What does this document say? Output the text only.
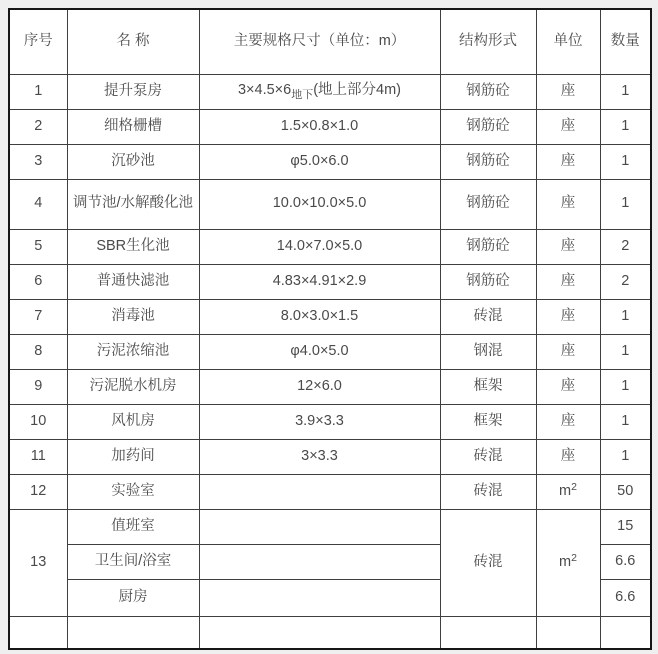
序号	名 称	主要规格尺寸（单位：m）	结构形式	单位	数量
1	提升泵房	$3\times 4.5\times 6_{地下}$(地上部分4m)	钢筋砼	座	1
2	细格栅槽	1.5×0.8×1.0	钢筋砼	座	1
3	沉砂池	φ5.0×6.0	钢筋砼	座	1
4	调节池/水解酸化池	10.0×10.0×5.0	钢筋砼	座	1
5	SBR生化池	14.0×7.0×5.0	钢筋砼	座	2
6	普通快滤池	4.83×4.91×2.9	钢筋砼	座	2
7	消毒池	8.0×3.0×1.5	砖混	座	1
8	污泥浓缩池	φ4.0×5.0	钢混	座	1
9	污泥脱水机房	12×6.0	框架	座	1
10	风机房	3.9×3.3	框架	座	1
11	加药间	3×3.3	砖混	座	1
12	实验室		砖混	$m^2$	50
13	值班室		砖混	$m^2$	15
	卫生间/浴室				6.6
	厨房				6.6
